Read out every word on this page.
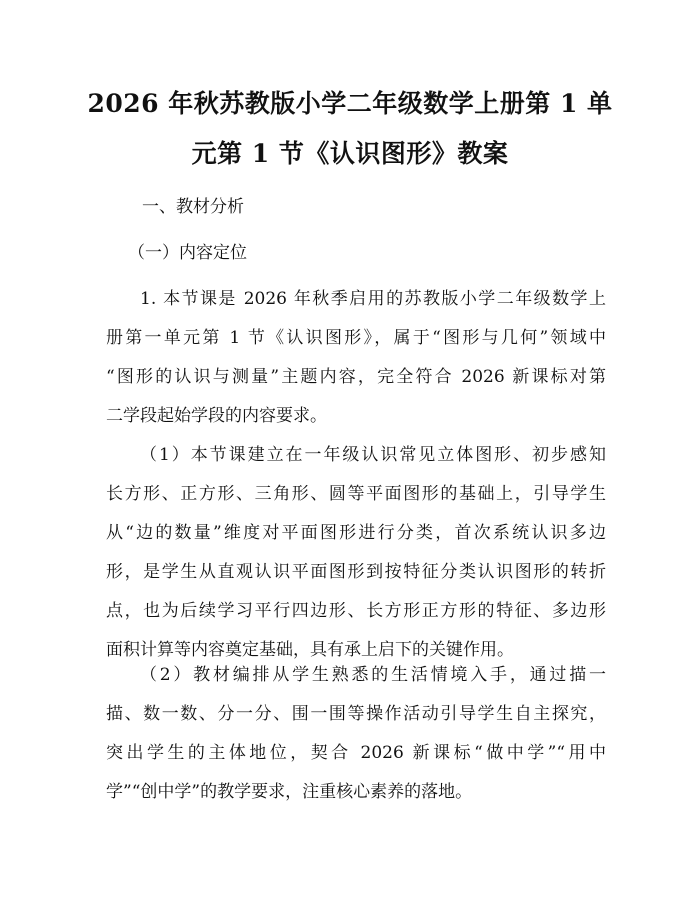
2026 年秋苏教版小学二年级数学上册第 1 单
元第 1 节《认识图形》教案

一、教材分析

（一）内容定位

1. 本节课是 2026 年秋季启用的苏教版小学二年级数学上
册第一单元第 1 节《认识图形》，属于“图形与几何”领域中
“图形的认识与测量”主题内容，完全符合 2026 新课标对第
二学段起始学段的内容要求。
（1）本节课建立在一年级认识常见立体图形、初步感知
长方形、正方形、三角形、圆等平面图形的基础上，引导学生
从“边的数量”维度对平面图形进行分类，首次系统认识多边
形，是学生从直观认识平面图形到按特征分类认识图形的转折
点，也为后续学习平行四边形、长方形正方形的特征、多边形
面积计算等内容奠定基础，具有承上启下的关键作用。
（2）教材编排从学生熟悉的生活情境入手，通过描一
描、数一数、分一分、围一围等操作活动引导学生自主探究，
突出学生的主体地位，契合 2026 新课标“做中学”“用中
学”“创中学”的教学要求，注重核心素养的落地。
